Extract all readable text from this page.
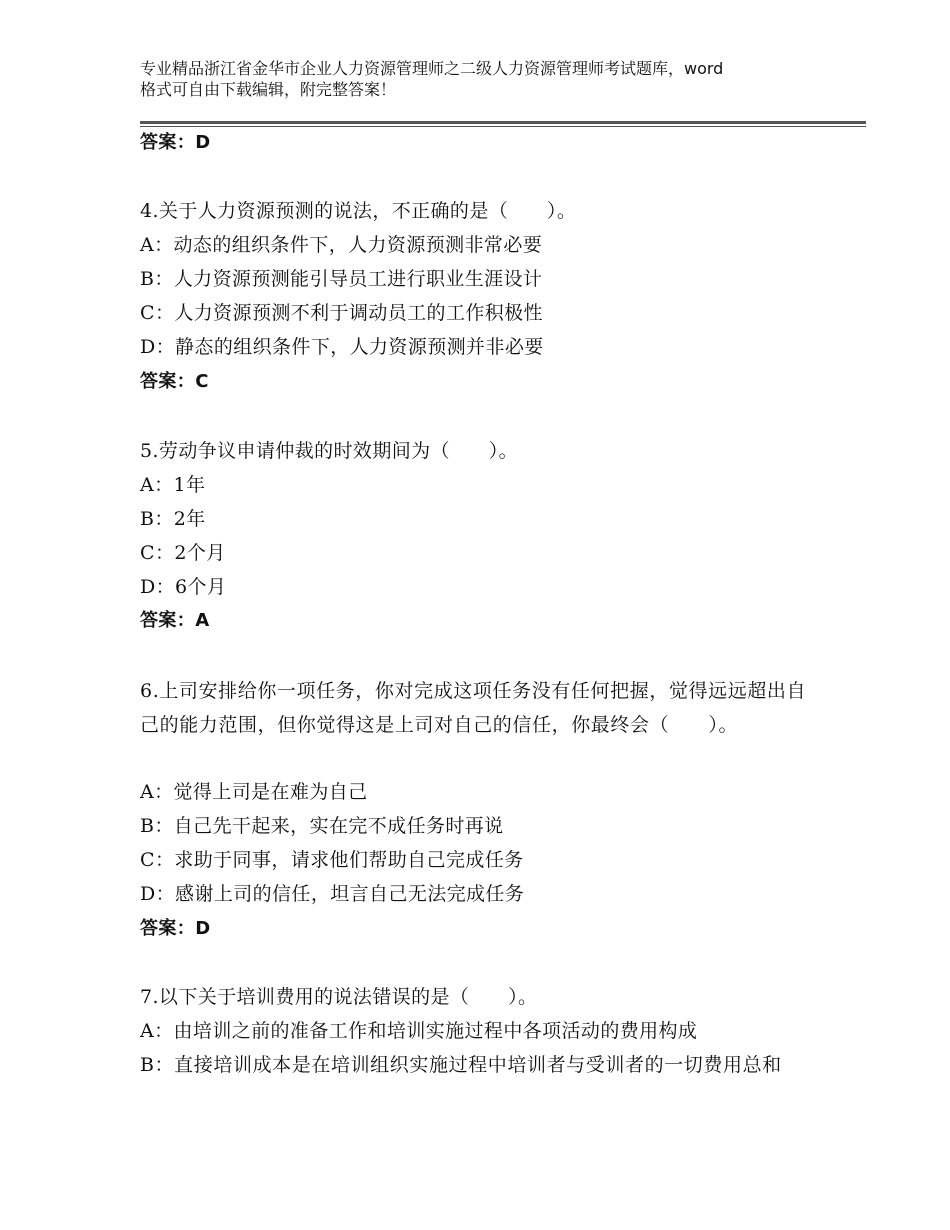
专业精品浙江省金华市企业人力资源管理师之二级人力资源管理师考试题库，word
格式可自由下载编辑，附完整答案！
答案：D
4.关于人力资源预测的说法，不正确的是（　　）。
A：动态的组织条件下，人力资源预测非常必要
B：人力资源预测能引导员工进行职业生涯设计
C：人力资源预测不利于调动员工的工作积极性
D：静态的组织条件下，人力资源预测并非必要
答案：C
5.劳动争议申请仲裁的时效期间为（　　）。
A：1年
B：2年
C：2个月
D：6个月
答案：A
6.上司安排给你一项任务，你对完成这项任务没有任何把握，觉得远远超出自己的能力范围，但你觉得这是上司对自己的信任，你最终会（　　）。
A：觉得上司是在难为自己
B：自己先干起来，实在完不成任务时再说
C：求助于同事，请求他们帮助自己完成任务
D：感谢上司的信任，坦言自己无法完成任务
答案：D
7.以下关于培训费用的说法错误的是（　　）。
A：由培训之前的准备工作和培训实施过程中各项活动的费用构成
B：直接培训成本是在培训组织实施过程中培训者与受训者的一切费用总和
